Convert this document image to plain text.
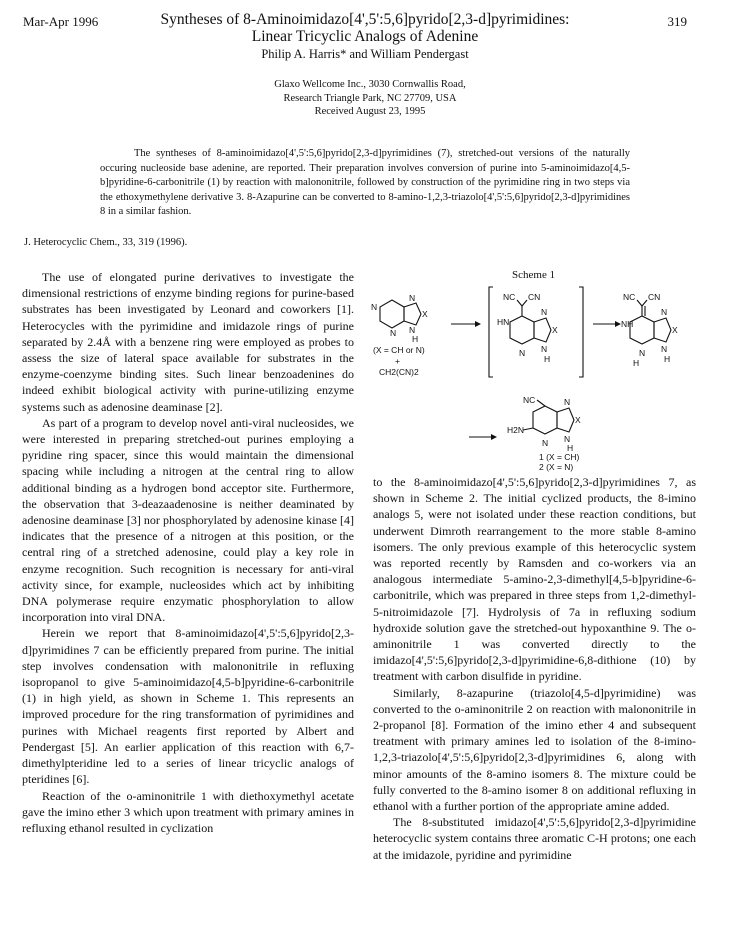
Mar-Apr 1996	Syntheses of 8-Aminoimidazo[4',5':5,6]pyrido[2,3-d]pyrimidines:
Linear Tricyclic Analogs of Adenine
Philip A. Harris* and William Pendergast
319
Glaxo Wellcome Inc., 3030 Cornwallis Road,
Research Triangle Park, NC 27709, USA
Received August 23, 1995
The syntheses of 8-aminoimidazo[4',5':5,6]pyrido[2,3-d]pyrimidines (7), stretched-out versions of the naturally occuring nucleoside base adenine, are reported. Their preparation involves conversion of purine into 5-aminoimidazo[4,5-b]pyridine-6-carbonitrile (1) by reaction with malononitrile, followed by construction of the pyrimidine ring in two steps via the ethoxymethylene derivative 3. 8-Azapurine can be converted to 8-amino-1,2,3-triazolo[4',5':5,6]pyrido[2,3-d]pyrimidines 8 in a similar fashion.
J. Heterocyclic Chem., 33, 319 (1996).

The use of elongated purine derivatives to investigate the dimensional restrictions of enzyme binding regions for purine-based substrates has been investigated by Leonard and coworkers [1]. Heterocycles with the pyrimidine and imidazole rings of purine separated by 2.4Å with a benzene ring were employed as probes to assess the size of lateral space available for substrates in the enzyme-coenzyme binding sites. Such linear benzoadenines do indeed exhibit biological activity with purine-utilizing enzyme systems such as adenosine deaminase [2].

As part of a program to develop novel anti-viral nucleosides, we were interested in preparing stretched-out purines employing a pyridine ring spacer, since this would maintain the dimensional spacing while including a nitrogen at the central ring to allow additional binding as a hydrogen bond acceptor site. Furthermore, the observation that 3-deazaadenosine is neither deaminated by adenosine deaminase [3] nor phosphorylated by adenosine kinase [4] indicates that the presence of a nitrogen at this position, or the central ring of a stretched adenosine, could play a key role in enzyme recognition. Such recognition is necessary for anti-viral activity since, for example, nucleosides which act by inhibiting DNA polymerase require enzymatic phosphorylation to allow incorporation into viral DNA.

Herein we report that 8-aminoimidazo[4',5':5,6]pyrido[2,3-d]pyrimidines 7 can be efficiently prepared from purine. The initial step involves condensation with malononitrile in refluxing isopropanol to give 5-aminoimidazo[4,5-b]pyridine-6-carbonitrile (1) in high yield, as shown in Scheme 1. This represents an improved procedure for the ring transformation of pyrimidines and purines with Michael reagents first reported by Albert and Pendergast [5]. An earlier application of this reaction with 6,7-dimethylpteridine led to a series of linear tricyclic analogs of pteridines [6].

Reaction of the o-aminonitrile 1 with diethoxymethyl acetate gave the imino ether 3 which upon treatment with primary amines in refluxing ethanol resulted in cyclization

Scheme 1
N
N
N
X
N
H
(X = CH or N)
+
CH2(CN)2
NC CN
HN
N
N
X
N
H
NC CN
NH
N
H
N
X
N
H
NC
H2N
N
N
X
N
H
1 (X = CH)
2 (X = N)

to the 8-aminoimidazo[4',5':5,6]pyrido[2,3-d]pyrimidines 7, as shown in Scheme 2. The initial cyclized products, the 8-imino analogs 5, were not isolated under these reaction conditions, but underwent Dimroth rearrangement to the more stable 8-amino isomers. The only previous example of this heterocyclic system was reported recently by Ramsden and co-workers via an analogous intermediate 5-amino-2,3-dimethyl[4,5-b]pyridine-6-carbonitrile, which was prepared in three steps from 1,2-dimethyl-5-nitroimidazole [7]. Hydrolysis of 7a in refluxing sodium hydroxide solution gave the stretched-out hypoxanthine 9. The o-aminonitrile 1 was converted directly to the imidazo[4',5':5,6]pyrido[2,3-d]pyrimidine-6,8-dithione (10) by treatment with carbon disulfide in pyridine.

Similarly, 8-azapurine (triazolo[4,5-d]pyrimidine) was converted to the o-aminonitrile 2 on reaction with malononitrile in 2-propanol [8]. Formation of the imino ether 4 and subsequent treatment with primary amines led to isolation of the 8-imino-1,2,3-triazolo[4',5':5,6]pyrido[2,3-d]pyrimidines 6, along with minor amounts of the 8-amino isomers 8. The mixture could be fully converted to the 8-amino isomer 8 on additional refluxing in ethanol with a further portion of the appropriate amine added.

The 8-substituted imidazo[4',5':5,6]pyrido[2,3-d]pyrimidine heterocyclic system contains three aromatic C-H protons; one each at the imidazole, pyridine and pyrimidine
